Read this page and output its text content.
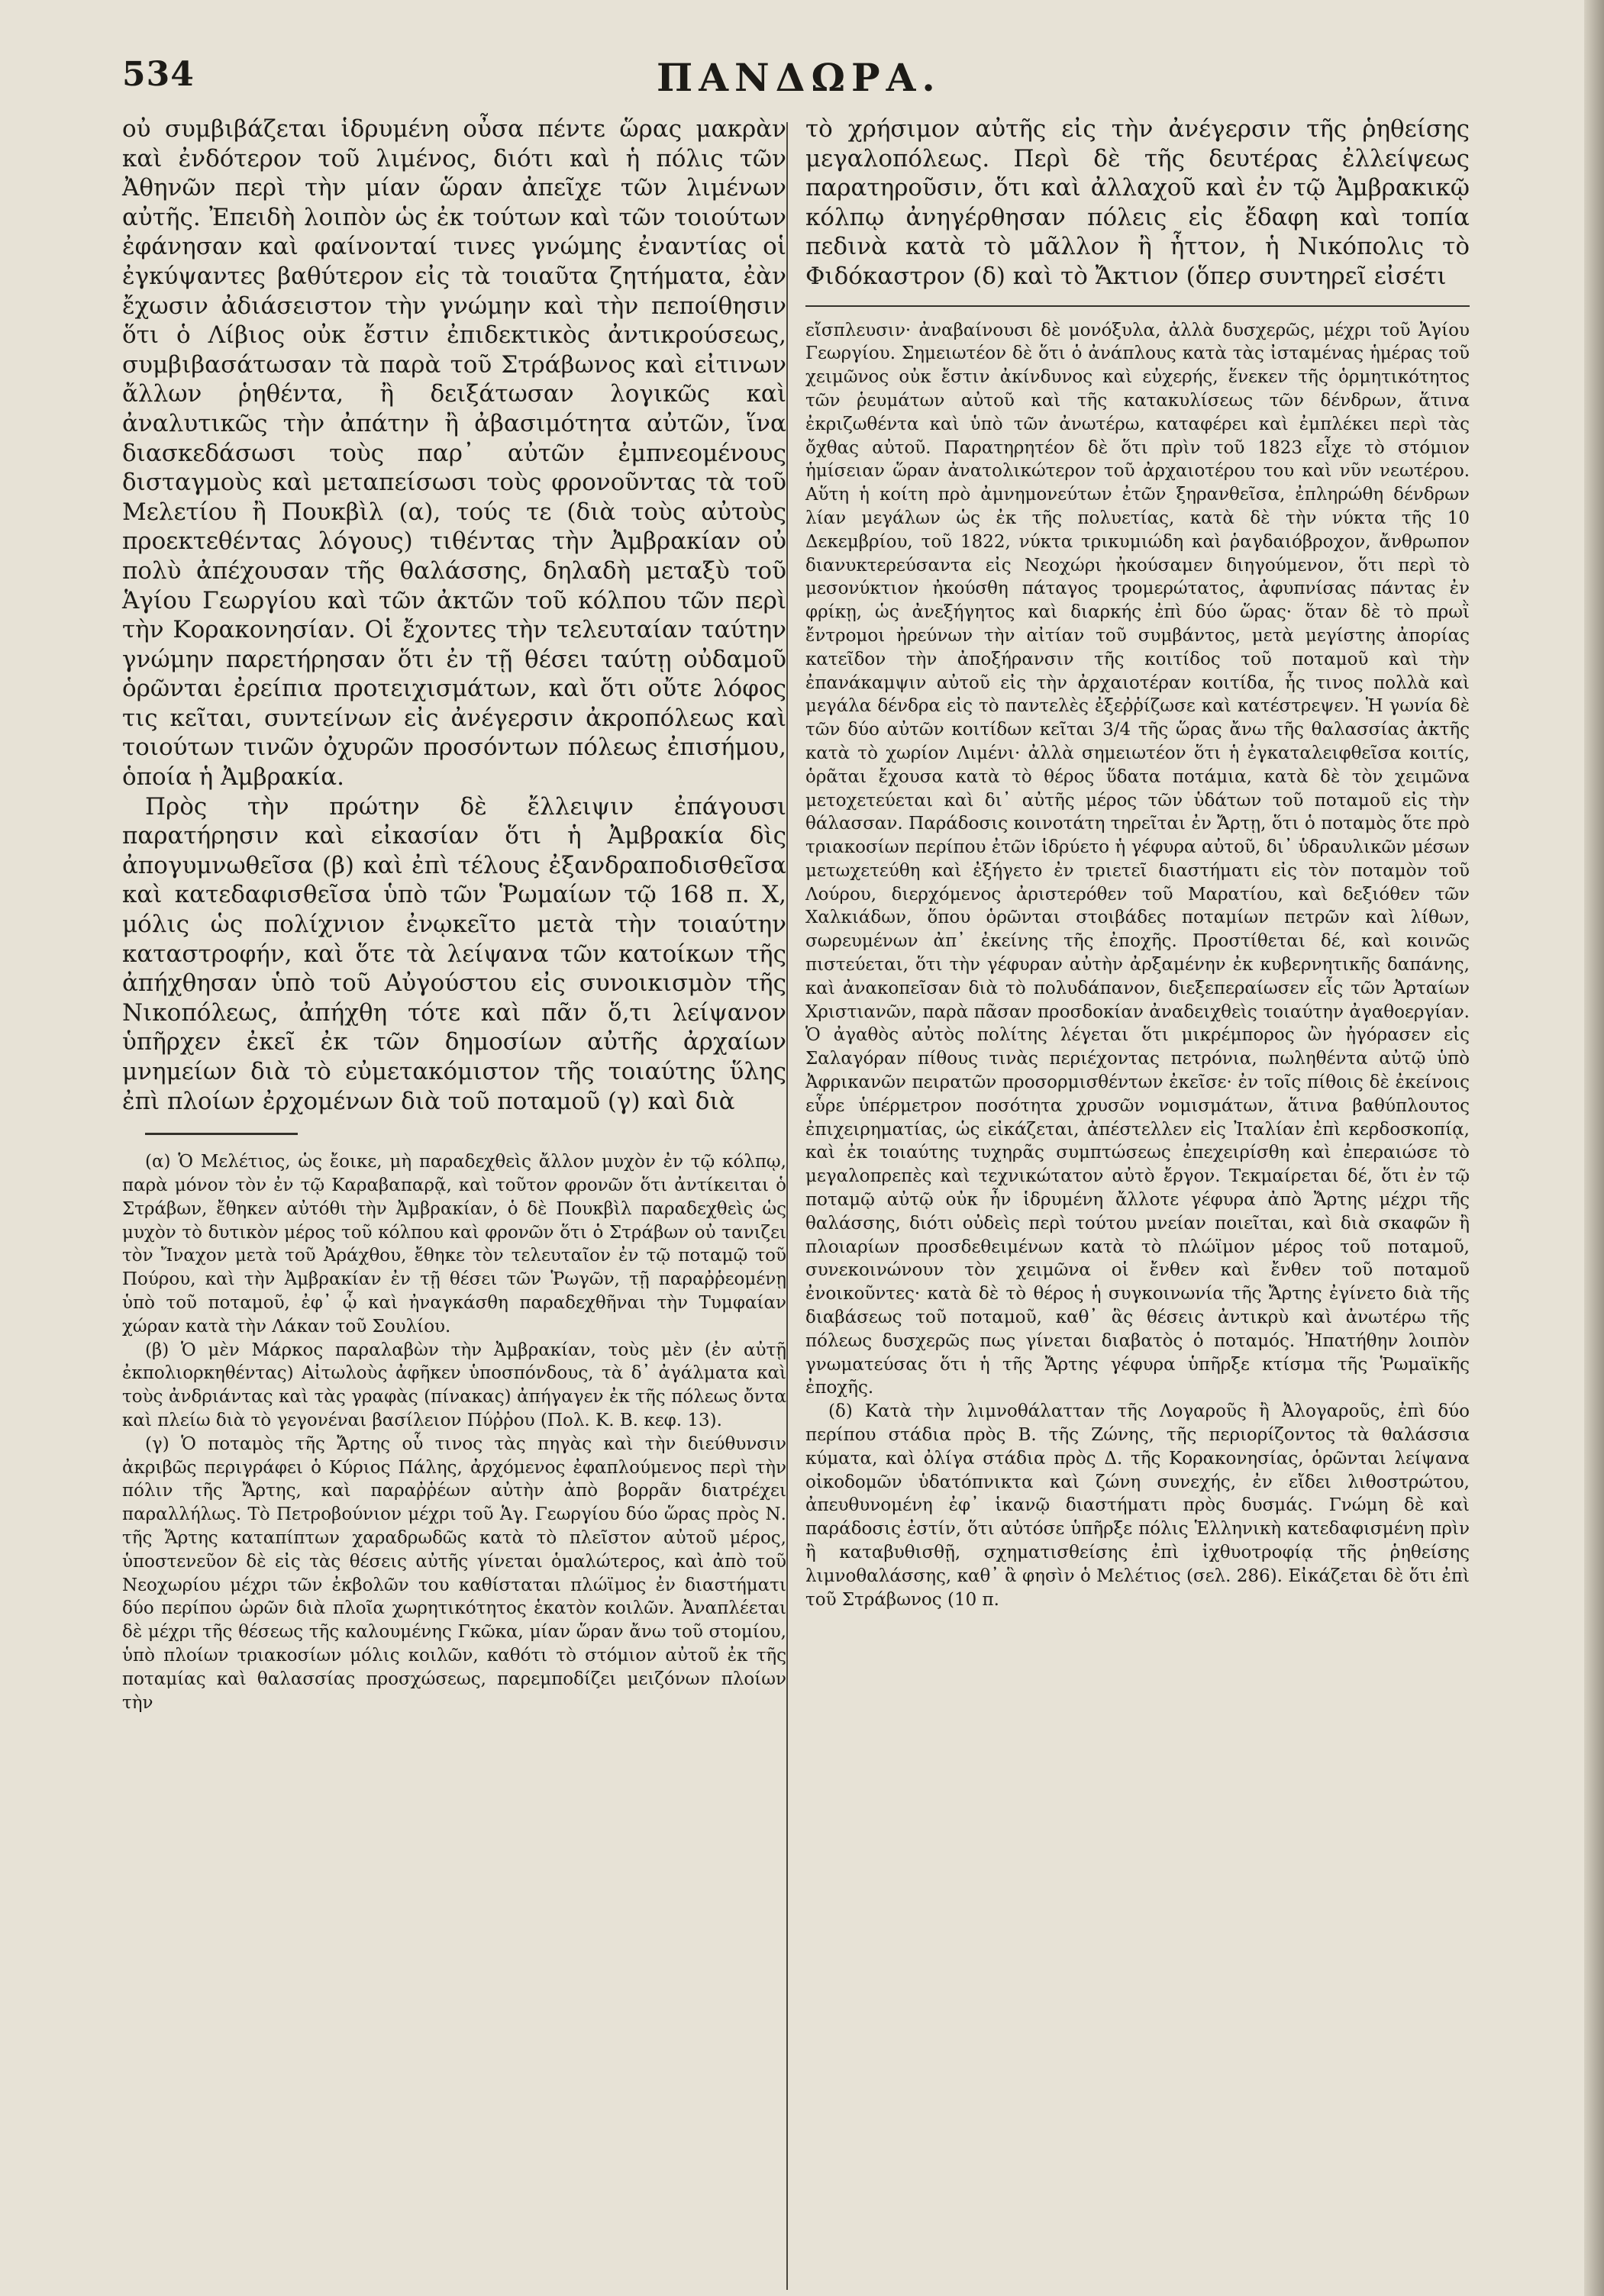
534	ΠΑΝΔΩΡΑ.

οὐ συμβιβάζεται ἱδρυμένη οὖσα πέντε ὥρας μακρὰν καὶ ἐνδότερον τοῦ λιμένος, διότι καὶ ἡ πόλις τῶν Ἀθηνῶν περὶ τὴν μίαν ὥραν ἀπεῖχε τῶν λιμένων αὐτῆς. Ἐπειδὴ λοιπὸν ὡς ἐκ τούτων καὶ τῶν τοιούτων ἐφάνησαν καὶ φαίνονταί τινες γνώμης ἐναντίας οἱ ἐγκύψαντες βαθύτερον εἰς τὰ τοιαῦτα ζητήματα, ἐὰν ἔχωσιν ἀδιάσειστον τὴν γνώμην καὶ τὴν πεποίθησιν ὅτι ὁ Λίβιος οὐκ ἔστιν ἐπιδεκτικὸς ἀντικρούσεως, συμβιβασάτωσαν τὰ παρὰ τοῦ Στράβωνος καὶ εἰτινων ἄλλων ῥηθέντα, ἢ δειξάτωσαν λογικῶς καὶ ἀναλυτικῶς τὴν ἀπάτην ἢ ἀβασιμότητα αὐτῶν, ἵνα διασκεδάσωσι τοὺς παρ᾽ αὐτῶν ἐμπνεομένους δισταγμοὺς καὶ μεταπείσωσι τοὺς φρονοῦντας τὰ τοῦ Μελετίου ἢ Πουκβὶλ (α), τούς τε (διὰ τοὺς αὐτοὺς προεκτεθέντας λόγους) τιθέντας τὴν Ἀμβρακίαν οὐ πολὺ ἀπέχουσαν τῆς θαλάσσης, δηλαδὴ μεταξὺ τοῦ Ἁγίου Γεωργίου καὶ τῶν ἀκτῶν τοῦ κόλπου τῶν περὶ τὴν Κορακονησίαν. Οἱ ἔχοντες τὴν τελευταίαν ταύτην γνώμην παρετήρησαν ὅτι ἐν τῇ θέσει ταύτῃ οὐδαμοῦ ὁρῶνται ἐρείπια προτειχισμάτων, καὶ ὅτι οὔτε λόφος τις κεῖται, συντείνων εἰς ἀνέγερσιν ἀκροπόλεως καὶ τοιούτων τινῶν ὀχυρῶν προσόντων πόλεως ἐπισήμου, ὁποία ἡ Ἀμβρακία.

Πρὸς τὴν πρώτην δὲ ἔλλειψιν ἐπάγουσι παρατήρησιν καὶ εἰκασίαν ὅτι ἡ Ἀμβρακία δὶς ἀπογυμνωθεῖσα (β) καὶ ἐπὶ τέλους ἐξανδραποδισθεῖσα καὶ κατεδαφισθεῖσα ὑπὸ τῶν Ῥωμαίων τῷ 168 π. Χ, μόλις ὡς πολίχνιον ἐνῳκεῖτο μετὰ τὴν τοιαύτην καταστροφήν, καὶ ὅτε τὰ λείψανα τῶν κατοίκων τῆς ἀπήχθησαν ὑπὸ τοῦ Αὐγούστου εἰς συνοικισμὸν τῆς Νικοπόλεως, ἀπήχθη τότε καὶ πᾶν ὅ,τι λείψανον ὑπῆρχεν ἐκεῖ ἐκ τῶν δημοσίων αὐτῆς ἀρχαίων μνημείων διὰ τὸ εὐμετακόμιστον τῆς τοιαύτης ὕλης ἐπὶ πλοίων ἐρχομένων διὰ τοῦ ποταμοῦ (γ) καὶ διὰ

(α) Ὁ Μελέτιος, ὡς ἔοικε, μὴ παραδεχθεὶς ἄλλον μυχὸν ἐν τῷ κόλπῳ, παρὰ μόνον τὸν ἐν τῷ Καραβαπαρᾷ, καὶ τοῦτον φρονῶν ὅτι ἀντίκειται ὁ Στράβων, ἔθηκεν αὐτόθι τὴν Ἀμβρακίαν, ὁ δὲ Πουκβὶλ παραδεχθεὶς ὡς μυχὸν τὸ δυτικὸν μέρος τοῦ κόλπου καὶ φρονῶν ὅτι ὁ Στράβων οὐ τανιζει τὸν Ἴναχον μετὰ τοῦ Ἀράχθου, ἔθηκε τὸν τελευταῖον ἐν τῷ ποταμῷ τοῦ Πούρου, καὶ τὴν Ἀμβρακίαν ἐν τῇ θέσει τῶν Ῥωγῶν, τῇ παραῤῥεομένῃ ὑπὸ τοῦ ποταμοῦ, ἐφ᾽ ᾧ καὶ ἠναγκάσθη παραδεχθῆναι τὴν Τυμφαίαν χώραν κατὰ τὴν Λάκαν τοῦ Σουλίου.

(β) Ὁ μὲν Μάρκος παραλαβὼν τὴν Ἀμβρακίαν, τοὺς μὲν (ἐν αὐτῇ ἐκπολιορκηθέντας) Αἰτωλοὺς ἀφῆκεν ὑποσπόνδους, τὰ δ᾽ ἀγάλματα καὶ τοὺς ἀνδριάντας καὶ τὰς γραφὰς (πίνακας) ἀπήγαγεν ἐκ τῆς πόλεως ὄντα καὶ πλείω διὰ τὸ γεγονέναι βασίλειον Πύῤῥου (Πολ. Κ. Β. κεφ. 13).

(γ) Ὁ ποταμὸς τῆς Ἄρτης οὗ τινος τὰς πηγὰς καὶ τὴν διεύθυνσιν ἀκριβῶς περιγράφει ὁ Κύριος Πάλης, ἀρχόμενος ἐφαπλούμενος περὶ τὴν πόλιν τῆς Ἄρτης, καὶ παραῤῥέων αὐτὴν ἀπὸ βορρᾶν διατρέχει παραλλήλως. Τὸ Πετροβούνιον μέχρι τοῦ Ἁγ. Γεωργίου δύο ὥρας πρὸς Ν. τῆς Ἄρτης καταπίπτων χαραδρωδῶς κατὰ τὸ πλεῖστον αὐτοῦ μέρος, ὑποστενεῦον δὲ εἰς τὰς θέσεις αὐτῆς γίνεται ὁμαλώτερος, καὶ ἀπὸ τοῦ Νεοχωρίου μέχρι τῶν ἐκβολῶν του καθίσταται πλώϊμος ἐν διαστήματι δύο περίπου ὡρῶν διὰ πλοῖα χωρητικότητος ἑκατὸν κοιλῶν. Ἀναπλέεται δὲ μέχρι τῆς θέσεως τῆς καλουμένης Γκῶκα, μίαν ὥραν ἄνω τοῦ στομίου, ὑπὸ πλοίων τριακοσίων μόλις κοιλῶν, καθότι τὸ στόμιον αὐτοῦ ἐκ τῆς ποταμίας καὶ θαλασσίας προσχώσεως, παρεμποδίζει μειζόνων πλοίων τὴν

τὸ χρήσιμον αὐτῆς εἰς τὴν ἀνέγερσιν τῆς ῥηθείσης μεγαλοπόλεως. Περὶ δὲ τῆς δευτέρας ἐλλείψεως παρατηροῦσιν, ὅτι καὶ ἀλλαχοῦ καὶ ἐν τῷ Ἀμβρακικῷ κόλπῳ ἀνηγέρθησαν πόλεις εἰς ἔδαφη καὶ τοπία πεδινὰ κατὰ τὸ μᾶλλον ἢ ἧττον, ἡ Νικόπολις τὸ Φιδόκαστρον (δ) καὶ τὸ Ἄκτιον (ὅπερ συντηρεῖ εἰσέτι

εἴσπλευσιν· ἀναβαίνουσι δὲ μονόξυλα, ἀλλὰ δυσχερῶς, μέχρι τοῦ Ἁγίου Γεωργίου. Σημειωτέον δὲ ὅτι ὁ ἀνάπλους κατὰ τὰς ἰσταμένας ἡμέρας τοῦ χειμῶνος οὐκ ἔστιν ἀκίνδυνος καὶ εὐχερής, ἕνεκεν τῆς ὁρμητικότητος τῶν ῥευμάτων αὐτοῦ καὶ τῆς κατακυλίσεως τῶν δένδρων, ἅτινα ἐκριζωθέντα καὶ ὑπὸ τῶν ἀνωτέρω, καταφέρει καὶ ἐμπλέκει περὶ τὰς ὄχθας αὐτοῦ. Παρατηρητέον δὲ ὅτι πρὶν τοῦ 1823 εἶχε τὸ στόμιον ἡμίσειαν ὥραν ἀνατολικώτερον τοῦ ἀρχαιοτέρου του καὶ νῦν νεωτέρου. Αὕτη ἡ κοίτη πρὸ ἀμνημονεύτων ἐτῶν ξηρανθεῖσα, ἐπληρώθη δένδρων λίαν μεγάλων ὡς ἐκ τῆς πολυετίας, κατὰ δὲ τὴν νύκτα τῆς 10 Δεκεμβρίου, τοῦ 1822, νύκτα τρικυμιώδη καὶ ῥαγδαιόβροχον, ἄνθρωπον διανυκτερεύσαντα εἰς Νεοχώρι ἠκούσαμεν διηγούμενον, ὅτι περὶ τὸ μεσονύκτιον ἠκούσθη πάταγος τρομερώτατος, ἀφυπνίσας πάντας ἐν φρίκῃ, ὡς ἀνεξήγητος καὶ διαρκής ἐπὶ δύο ὥρας· ὅταν δὲ τὸ πρωῒ ἔντρομοι ἠρεύνων τὴν αἰτίαν τοῦ συμβάντος, μετὰ μεγίστης ἀπορίας κατεῖδον τὴν ἀποξήρανσιν τῆς κοιτίδος τοῦ ποταμοῦ καὶ τὴν ἐπανάκαμψιν αὐτοῦ εἰς τὴν ἀρχαιοτέραν κοιτίδα, ἧς τινος πολλὰ καὶ μεγάλα δένδρα εἰς τὸ παντελὲς ἐξεῤῥίζωσε καὶ κατέστρεψεν. Ἡ γωνία δὲ τῶν δύο αὐτῶν κοιτίδων κεῖται 3/4 τῆς ὥρας ἄνω τῆς θαλασσίας ἀκτῆς κατὰ τὸ χωρίον Λιμένι· ἀλλὰ σημειωτέον ὅτι ἡ ἐγκαταλειφθεῖσα κοιτίς, ὁρᾶται ἔχουσα κατὰ τὸ θέρος ὕδατα ποτάμια, κατὰ δὲ τὸν χειμῶνα μετοχετεύεται καὶ δι᾽ αὐτῆς μέρος τῶν ὑδάτων τοῦ ποταμοῦ εἰς τὴν θάλασσαν. Παράδοσις κοινοτάτη τηρεῖται ἐν Ἄρτῃ, ὅτι ὁ ποταμὸς ὅτε πρὸ τριακοσίων περίπου ἐτῶν ἱδρύετο ἡ γέφυρα αὐτοῦ, δι᾽ ὑδραυλικῶν μέσων μετωχετεύθη καὶ ἐξήγετο ἐν τριετεῖ διαστήματι εἰς τὸν ποταμὸν τοῦ Λούρου, διερχόμενος ἀριστερόθεν τοῦ Μαρατίου, καὶ δεξιόθεν τῶν Χαλκιάδων, ὅπου ὁρῶνται στοιβάδες ποταμίων πετρῶν καὶ λίθων, σωρευμένων ἀπ᾽ ἐκείνης τῆς ἐποχῆς. Προστίθεται δέ, καὶ κοινῶς πιστεύεται, ὅτι τὴν γέφυραν αὐτὴν ἀρξαμένην ἐκ κυβερνητικῆς δαπάνης, καὶ ἀνακοπεῖσαν διὰ τὸ πολυδάπανον, διεξεπεραίωσεν εἷς τῶν Ἀρταίων Χριστιανῶν, παρὰ πᾶσαν προσδοκίαν ἀναδειχθεὶς τοιαύτην ἀγαθοεργίαν. Ὁ ἀγαθὸς αὐτὸς πολίτης λέγεται ὅτι μικρέμπορος ὢν ἠγόρασεν εἰς Σαλαγόραν πίθους τινὰς περιέχοντας πετρόνια, πωληθέντα αὐτῷ ὑπὸ Ἀφρικανῶν πειρατῶν προσορμισθέντων ἐκεῖσε· ἐν τοῖς πίθοις δὲ ἐκείνοις εὗρε ὑπέρμετρον ποσότητα χρυσῶν νομισμάτων, ἅτινα βαθύπλουτος ἐπιχειρηματίας, ὡς εἰκάζεται, ἀπέστελλεν εἰς Ἰταλίαν ἐπὶ κερδοσκοπίᾳ, καὶ ἐκ τοιαύτης τυχηρᾶς συμπτώσεως ἐπεχειρίσθη καὶ ἐπεραιώσε τὸ μεγαλοπρεπὲς καὶ τεχνικώτατον αὐτὸ ἔργον. Τεκμαίρεται δέ, ὅτι ἐν τῷ ποταμῷ αὐτῷ οὐκ ἦν ἱδρυμένη ἄλλοτε γέφυρα ἀπὸ Ἄρτης μέχρι τῆς θαλάσσης, διότι οὐδεὶς περὶ τούτου μνείαν ποιεῖται, καὶ διὰ σκαφῶν ἢ πλοιαρίων προσδεθειμένων κατὰ τὸ πλώϊμον μέρος τοῦ ποταμοῦ, συνεκοινώνουν τὸν χειμῶνα οἱ ἔνθεν καὶ ἔνθεν τοῦ ποταμοῦ ἐνοικοῦντες· κατὰ δὲ τὸ θέρος ἡ συγκοινωνία τῆς Ἄρτης ἐγίνετο διὰ τῆς διαβάσεως τοῦ ποταμοῦ, καθ᾽ ἃς θέσεις ἀντικρὺ καὶ ἀνωτέρω τῆς πόλεως δυσχερῶς πως γίνεται διαβατὸς ὁ ποταμός. Ἠπατήθην λοιπὸν γνωματεύσας ὅτι ἡ τῆς Ἄρτης γέφυρα ὑπῆρξε κτίσμα τῆς Ῥωμαϊκῆς ἐποχῆς.

(δ) Κατὰ τὴν λιμνοθάλατταν τῆς Λογαροῦς ἢ Ἀλογαροῦς, ἐπὶ δύο περίπου στάδια πρὸς Β. τῆς Ζώνης, τῆς περιορίζοντος τὰ θαλάσσια κύματα, καὶ ὀλίγα στάδια πρὸς Δ. τῆς Κορακονησίας, ὁρῶνται λείψανα οἰκοδομῶν ὑδατόπνικτα καὶ ζώνη συνεχής, ἐν εἴδει λιθοστρώτου, ἀπευθυνομένη ἐφ᾽ ἱκανῷ διαστήματι πρὸς δυσμάς. Γνώμη δὲ καὶ παράδοσις ἐστίν, ὅτι αὐτόσε ὑπῆρξε πόλις Ἑλληνικὴ κατεδαφισμένη πρὶν ἢ καταβυθισθῇ, σχηματισθείσης ἐπὶ ἰχθυοτροφίᾳ τῆς ῥηθείσης λιμνοθαλάσσης, καθ᾽ ἃ φησὶν ὁ Μελέτιος (σελ. 286). Εἰκάζεται δὲ ὅτι ἐπὶ τοῦ Στράβωνος (10 π.
